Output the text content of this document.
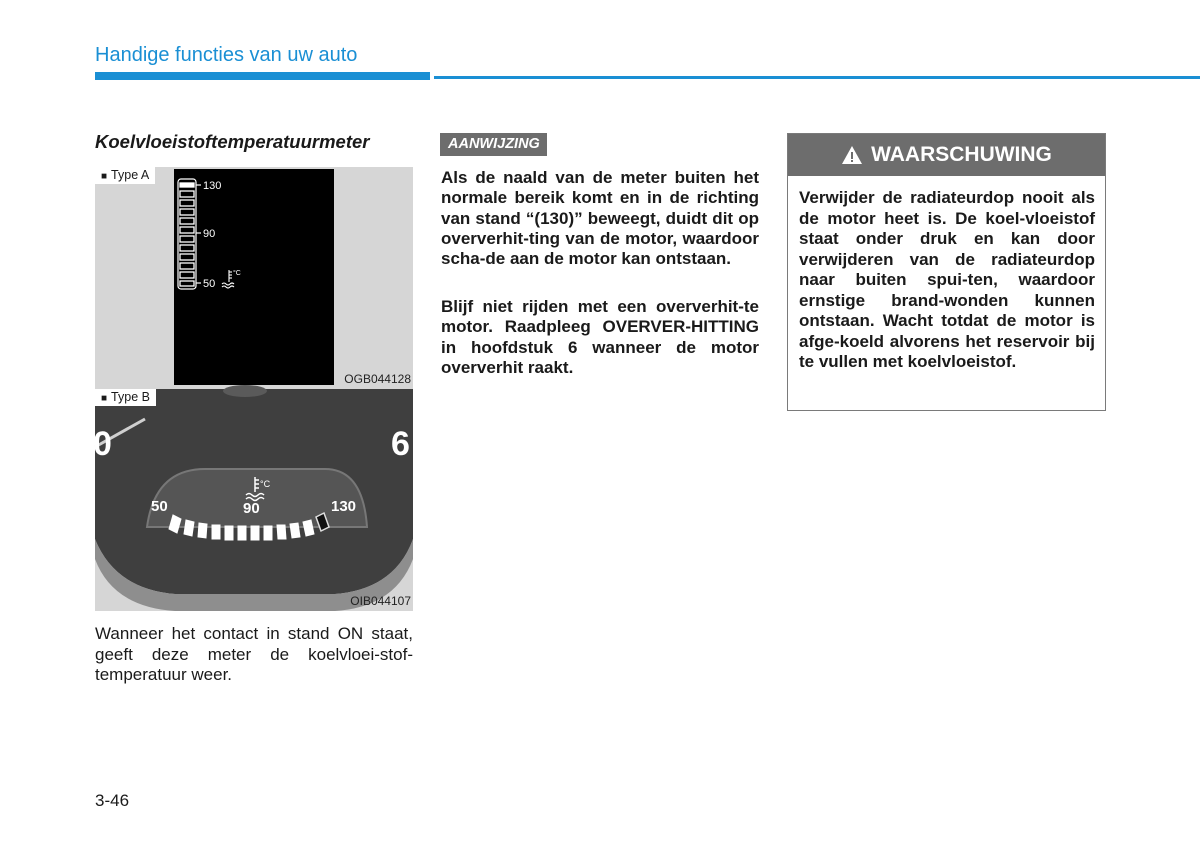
Handige functies van uw auto
Koelvloeistoftemperatuurmeter
130
90
50
°C
■ Type A
OGB044128
0	6
°C
50	90	130
■ Type B
OIB044107
Wanneer het contact in stand ON staat, geeft deze meter de koelvloei-stof-temperatuur weer.
AANWIJZING
Als de naald van de meter buiten het normale bereik komt en in de richting van stand “(130)” beweegt, duidt dit op oververhit-ting van de motor, waardoor scha-de aan de motor kan ontstaan.
Blijf niet rijden met een oververhit-te motor. Raadpleeg OVERVER-HITTING in hoofdstuk 6 wanneer de motor oververhit raakt.
WAARSCHUWING
Verwijder de radiateurdop nooit als de motor heet is. De koel-vloeistof staat onder druk en kan door verwijderen van de radiateurdop naar buiten spui-ten, waardoor ernstige brand-wonden kunnen ontstaan. Wacht totdat de motor is afge-koeld alvorens het reservoir bij te vullen met koelvloeistof.
3-46
